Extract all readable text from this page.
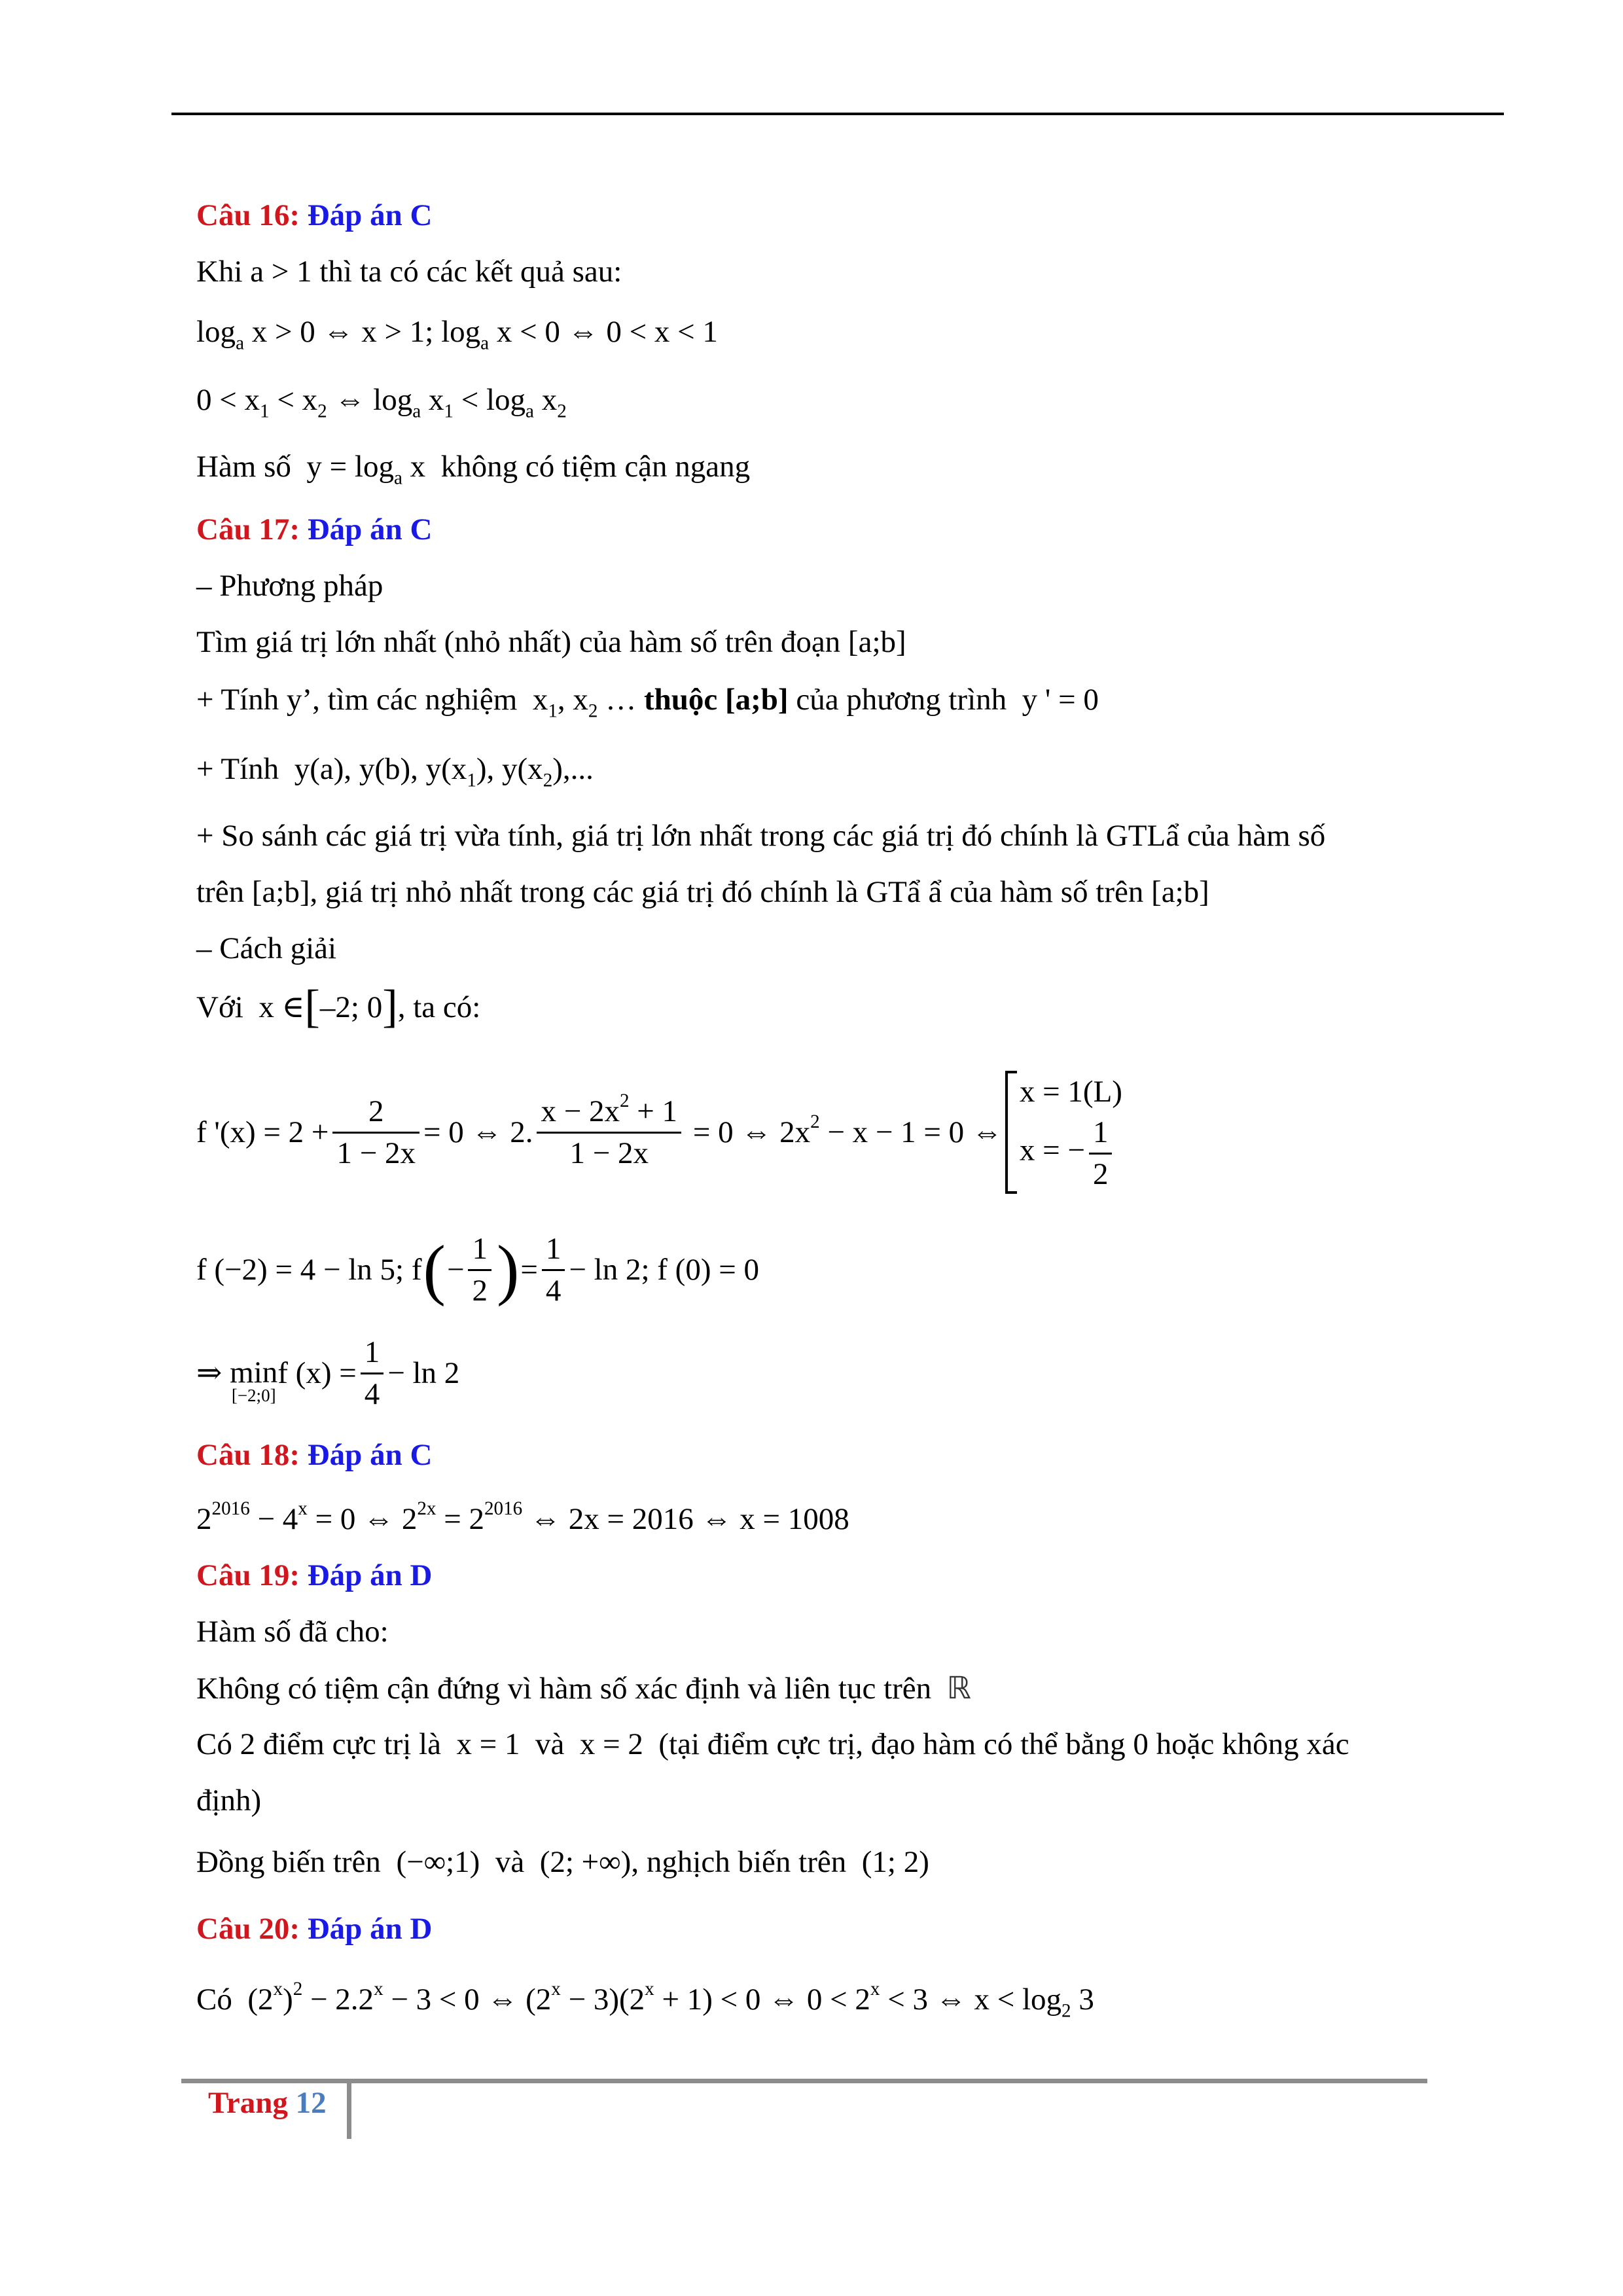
Câu 16: Đáp án C
Khi a > 1 thì ta có các kết quả sau:
$\log_a x > 0$ ⇔ x > 1; $\log_a x < 0$ ⇔ 0 < x < 1
$0 < x_1 < x_2$ ⇔ $\log_a x_1 < \log_a x_2$
Hàm số $y = \log_a x$ không có tiệm cận ngang
Câu 17: Đáp án C
– Phương pháp
Tìm giá trị lớn nhất (nhỏ nhất) của hàm số trên đoạn [a;b]
+ Tính y’, tìm các nghiệm $x_1$, $x_2$ … thuộc [a;b] của phương trình y ' = 0
+ Tính y(a), y(b), $y(x_1)$, $y(x_2)$,...
+ So sánh các giá trị vừa tính, giá trị lớn nhất trong các giá trị đó chính là GTLẩ của hàm số
trên [a;b], giá trị nhỏ nhất trong các giá trị đó chính là GTẩ ẩ của hàm số trên [a;b]
– Cách giải
Với x ∈[–2; 0], ta có:
f '$(x) = 2 + \frac{2}{1 - 2x} = 0$ ⇔ 2. $\frac{x - 2x^2 + 1}{1 - 2x} = 0$ ⇔ $2x^2 - x - 1 = 0$ ⇔
x = 1(L)
x = − $\frac{1}{2}$
f (−2) = 4 − ln 5; f ( − $\frac{1}{2}$ ) = $\frac{1}{4} - \ln 2$; f (0) = 0
⇒
min
[−2;0]
f $(x) = \frac{1}{4} - \ln 2$
Câu 18: Đáp án C
$2^{2016} - 4^x = 0$ ⇔ $2^{2x} = 2^{2016}$ ⇔ 2x = 2016 ⇔ x = 1008
Câu 19: Đáp án D
Hàm số đã cho:
Không có tiệm cận đứng vì hàm số xác định và liên tục trên ℝ
Có 2 điểm cực trị là x = 1 và x = 2 (tại điểm cực trị, đạo hàm có thể bằng 0 hoặc không xác
định)
Đồng biến trên (−∞;1) và (2; +∞), nghịch biến trên (1; 2)
Câu 20: Đáp án D
Có $(2^x)^2 - 2.2^x - 3 < 0$ ⇔ $(2^x - 3)(2^x + 1) < 0$ ⇔ $0 < 2^x < 3$ ⇔ $x < \log_2 3$
Trang 12
